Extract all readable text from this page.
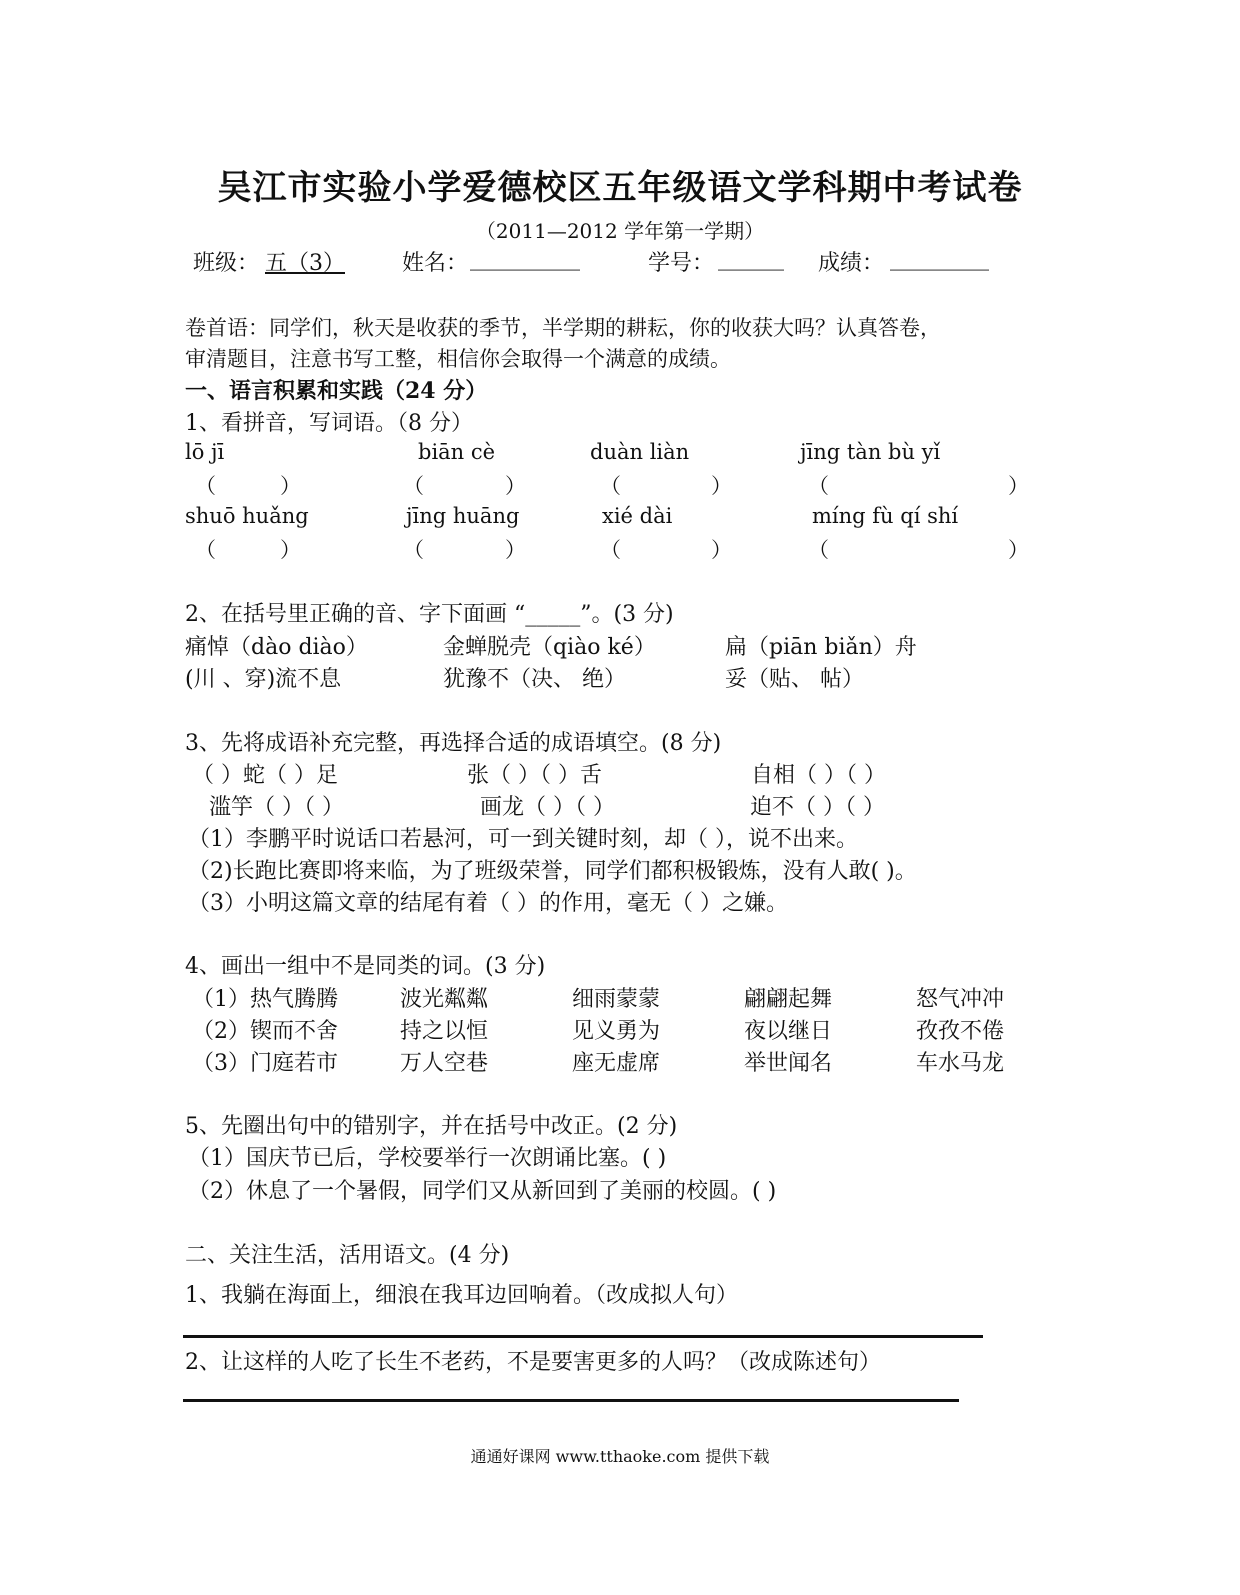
吴江市实验小学爱德校区五年级语文学科期中考试卷
（2011—2012 学年第一学期）
班级： 五（3）	姓名： __________	学号： ______ 成绩： _________
卷首语：同学们，秋天是收获的季节，半学期的耕耘，你的收获大吗？认真答卷，
审清题目，注意书写工整，相信你会取得一个满意的成绩。
一、语言积累和实践（24 分）
1、看拼音，写词语。（8 分）
lō jī	biān cè	duàn liàn	jīng tàn bù yǐ
（	）	（	）	（	）	（	）
shuō huǎng	jīng huāng	xié dài	míng fù qí shí
（	）	（	）	（	）	（	）
2、在括号里正确的音、字下面画 “_____”。(3 分)
痛悼（dào diào）	金蝉脱壳（qiào ké）	扁（piān biǎn）舟
(川 、穿)流不息	犹豫不（决、 绝）	妥（贴、 帖）
3、先将成语补充完整，再选择合适的成语填空。(8 分)
（ ）蛇（ ）足	张（ ）（ ）舌	自相（ ）（ ）
滥竽（ ）（ ）	画龙（ ）（ ）	迫不（ ）（ ）
（1）李鹏平时说话口若悬河，可一到关键时刻，却（ ），说不出来。
（2)长跑比赛即将来临，为了班级荣誉，同学们都积极锻炼，没有人敢( )。
（3）小明这篇文章的结尾有着（ ）的作用，毫无（ ）之嫌。
4、画出一组中不是同类的词。(3 分)
（1）热气腾腾	波光粼粼	细雨蒙蒙	翩翩起舞	怒气冲冲
（2）锲而不舍	持之以恒	见义勇为	夜以继日	孜孜不倦
（3）门庭若市	万人空巷	座无虚席	举世闻名	车水马龙
5、先圈出句中的错别字，并在括号中改正。(2 分)
（1）国庆节已后，学校要举行一次朗诵比塞。( )
（2）休息了一个暑假，同学们又从新回到了美丽的校圆。( )
二、关注生活，活用语文。(4 分)
1、我躺在海面上，细浪在我耳边回响着。（改成拟人句）
2、让这样的人吃了长生不老药，不是要害更多的人吗？（改成陈述句）
通通好课网 www.tthaoke.com 提供下载
